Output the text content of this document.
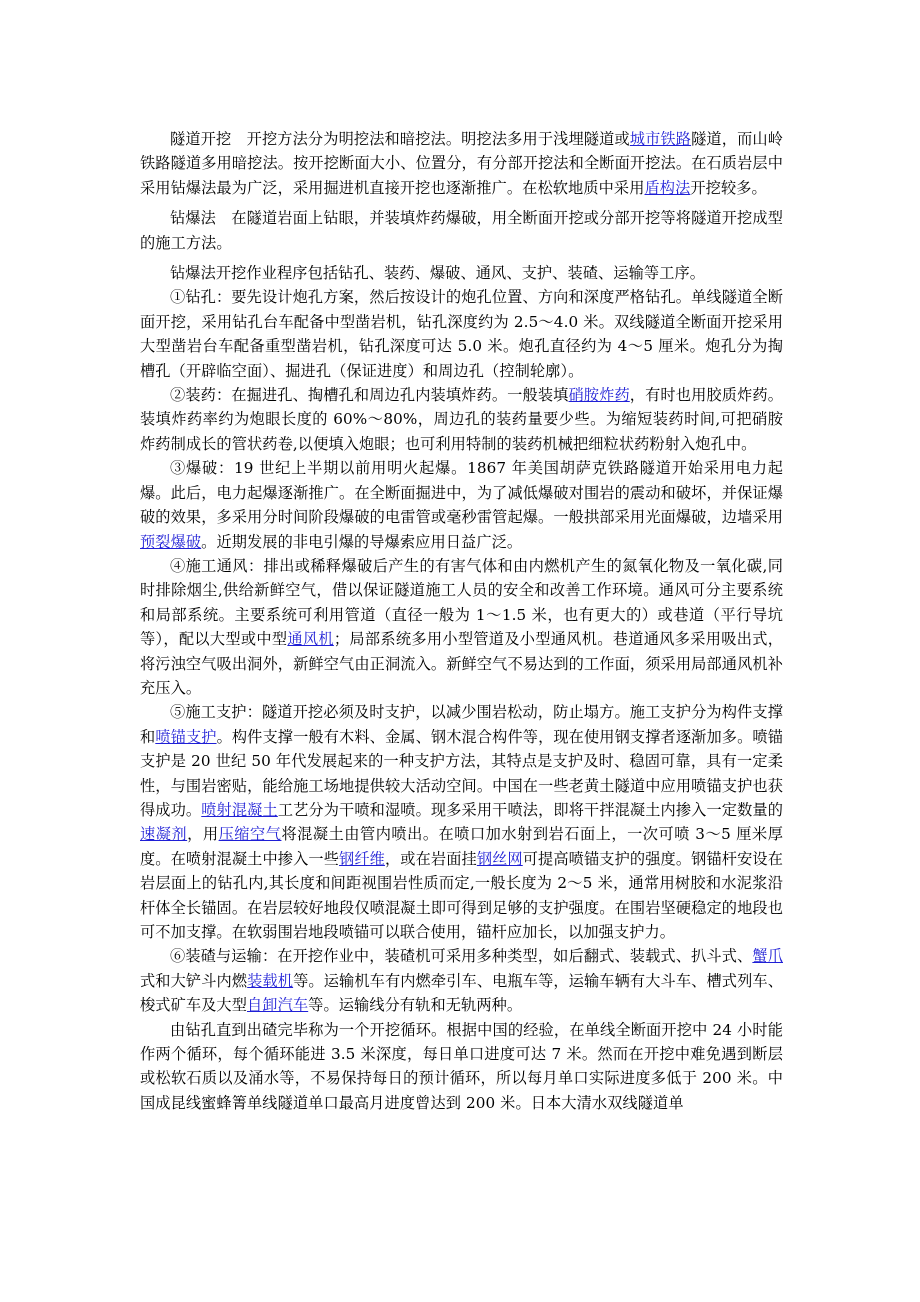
隧道开挖　开挖方法分为明挖法和暗挖法。明挖法多用于浅埋隧道或城市铁路隧道，而山岭铁路隧道多用暗挖法。按开挖断面大小、位置分，有分部开挖法和全断面开挖法。在石质岩层中采用钻爆法最为广泛，采用掘进机直接开挖也逐渐推广。在松软地质中采用盾构法开挖较多。

钻爆法　在隧道岩面上钻眼，并装填炸药爆破，用全断面开挖或分部开挖等将隧道开挖成型的施工方法。

钻爆法开挖作业程序包括钻孔、装药、爆破、通风、支护、装碴、运输等工序。

①钻孔：要先设计炮孔方案，然后按设计的炮孔位置、方向和深度严格钻孔。单线隧道全断面开挖，采用钻孔台车配备中型凿岩机，钻孔深度约为 2.5～4.0 米。双线隧道全断面开挖采用大型凿岩台车配备重型凿岩机，钻孔深度可达 5.0 米。炮孔直径约为 4～5 厘米。炮孔分为掏槽孔（开辟临空面）、掘进孔（保证进度）和周边孔（控制轮廓）。

②装药：在掘进孔、掏槽孔和周边孔内装填炸药。一般装填硝胺炸药，有时也用胶质炸药。装填炸药率约为炮眼长度的 60%～80%，周边孔的装药量要少些。为缩短装药时间,可把硝胺炸药制成长的管状药卷,以便填入炮眼；也可利用特制的装药机械把细粒状药粉射入炮孔中。

③爆破：19 世纪上半期以前用明火起爆。1867 年美国胡萨克铁路隧道开始采用电力起爆。此后，电力起爆逐渐推广。在全断面掘进中，为了减低爆破对围岩的震动和破坏，并保证爆破的效果，多采用分时间阶段爆破的电雷管或毫秒雷管起爆。一般拱部采用光面爆破，边墙采用预裂爆破。近期发展的非电引爆的导爆索应用日益广泛。

④施工通风：排出或稀释爆破后产生的有害气体和由内燃机产生的氮氧化物及一氧化碳,同时排除烟尘,供给新鲜空气，借以保证隧道施工人员的安全和改善工作环境。通风可分主要系统和局部系统。主要系统可利用管道（直径一般为 1～1.5 米，也有更大的）或巷道（平行导坑等），配以大型或中型通风机；局部系统多用小型管道及小型通风机。巷道通风多采用吸出式，将污浊空气吸出洞外，新鲜空气由正洞流入。新鲜空气不易达到的工作面，须采用局部通风机补充压入。

⑤施工支护：隧道开挖必须及时支护，以减少围岩松动，防止塌方。施工支护分为构件支撑和喷锚支护。构件支撑一般有木料、金属、钢木混合构件等，现在使用钢支撑者逐渐加多。喷锚支护是 20 世纪 50 年代发展起来的一种支护方法，其特点是支护及时、稳固可靠，具有一定柔性，与围岩密贴，能给施工场地提供较大活动空间。中国在一些老黄土隧道中应用喷锚支护也获得成功。喷射混凝土工艺分为干喷和湿喷。现多采用干喷法，即将干拌混凝土内掺入一定数量的速凝剂，用压缩空气将混凝土由管内喷出。在喷口加水射到岩石面上，一次可喷 3～5 厘米厚度。在喷射混凝土中掺入一些钢纤维，或在岩面挂钢丝网可提高喷锚支护的强度。钢锚杆安设在岩层面上的钻孔内,其长度和间距视围岩性质而定,一般长度为 2～5 米，通常用树胶和水泥浆沿杆体全长锚固。在岩层较好地段仅喷混凝土即可得到足够的支护强度。在围岩坚硬稳定的地段也可不加支撑。在软弱围岩地段喷锚可以联合使用，锚杆应加长，以加强支护力。

⑥装碴与运输：在开挖作业中，装碴机可采用多种类型，如后翻式、装载式、扒斗式、蟹爪式和大铲斗内燃装载机等。运输机车有内燃牵引车、电瓶车等，运输车辆有大斗车、槽式列车、梭式矿车及大型自卸汽车等。运输线分有轨和无轨两种。

由钻孔直到出碴完毕称为一个开挖循环。根据中国的经验，在单线全断面开挖中 24 小时能作两个循环，每个循环能进 3.5 米深度，每日单口进度可达 7 米。然而在开挖中难免遇到断层或松软石质以及涌水等，不易保持每日的预计循环，所以每月单口实际进度多低于 200 米。中国成昆线蜜蜂箐单线隧道单口最高月进度曾达到 200 米。日本大清水双线隧道单
